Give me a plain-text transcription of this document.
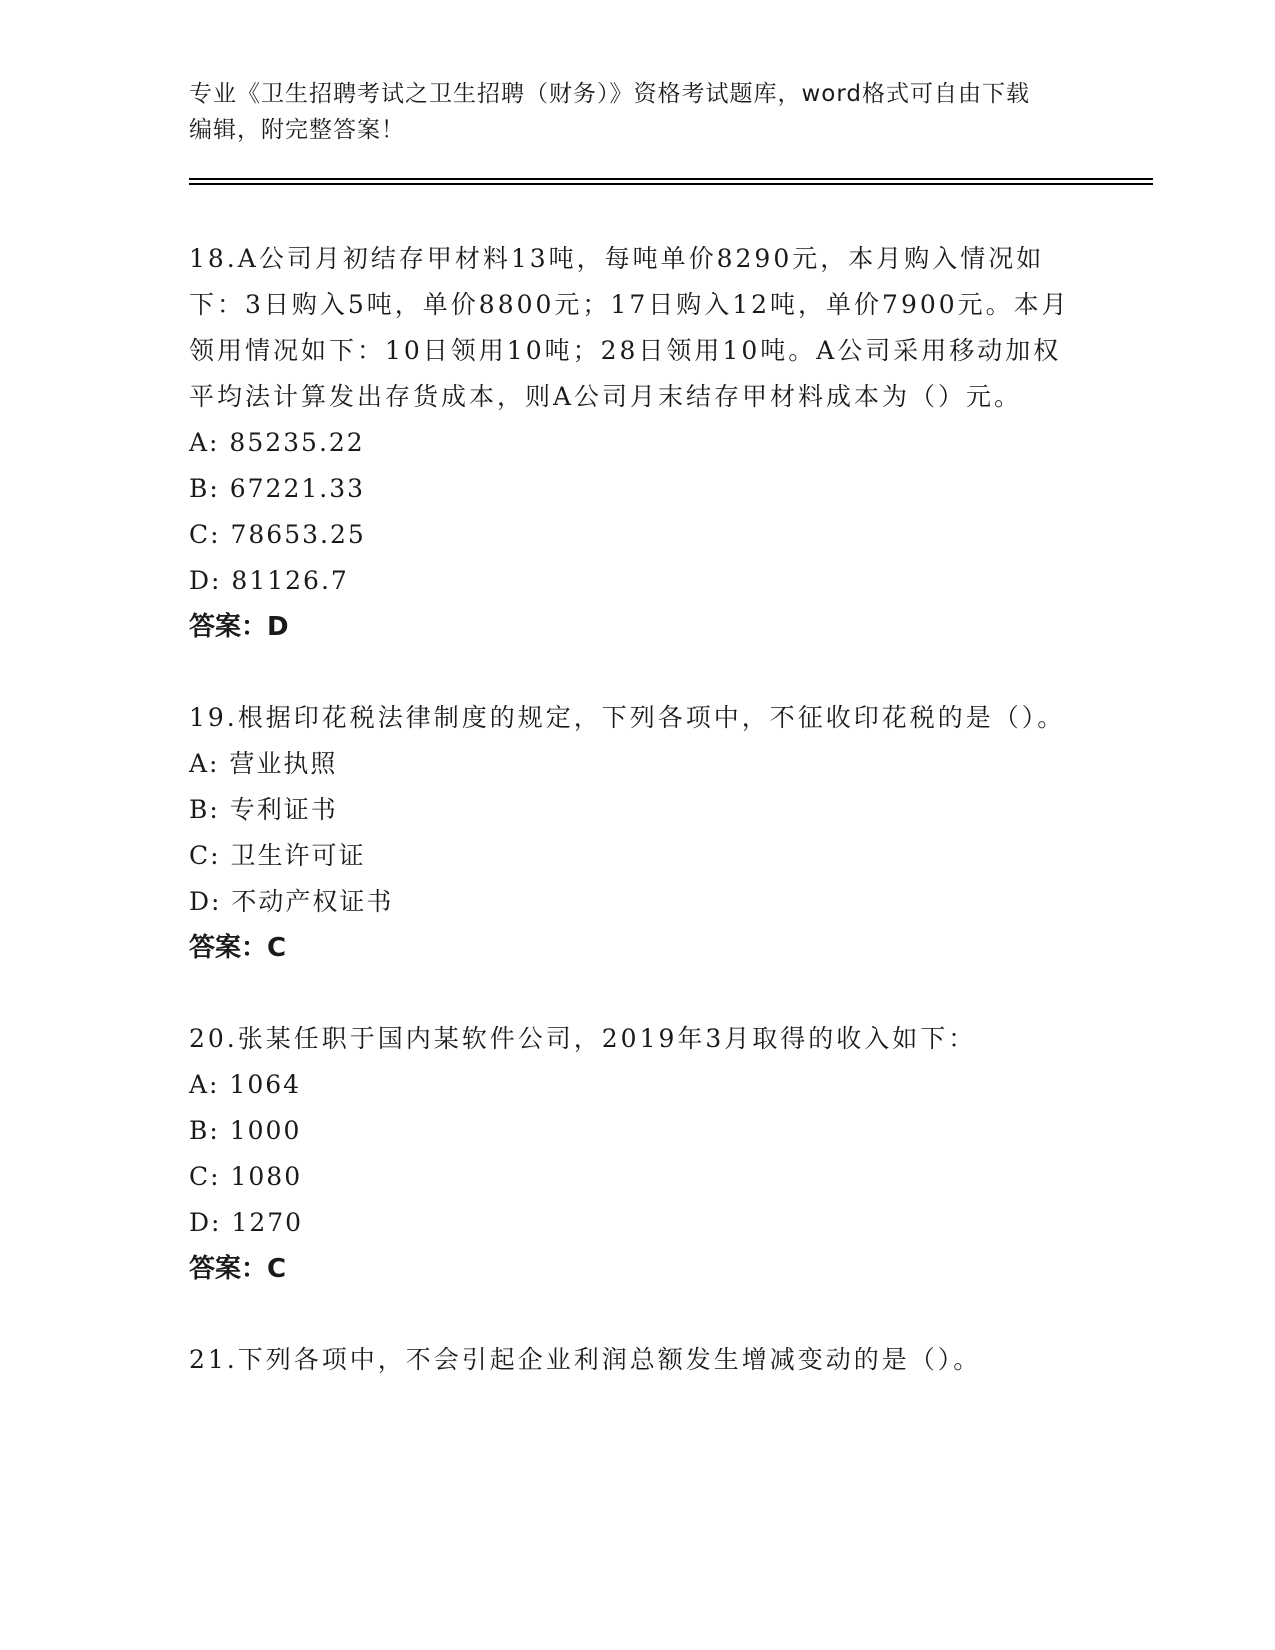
专业《卫生招聘考试之卫生招聘（财务）》资格考试题库，word格式可自由下载
编辑，附完整答案！

18.A公司月初结存甲材料13吨，每吨单价8290元，本月购入情况如下：3日购入5吨，单价8800元；17日购入12吨，单价7900元。本月领用情况如下：10日领用10吨；28日领用10吨。A公司采用移动加权平均法计算发出存货成本，则A公司月末结存甲材料成本为（）元。

A: 85235.22
B: 67221.33
C: 78653.25
D: 81126.7
答案：D

19.根据印花税法律制度的规定，下列各项中，不征收印花税的是（）。

A: 营业执照
B: 专利证书
C: 卫生许可证
D: 不动产权证书
答案：C

20.张某任职于国内某软件公司，2019年3月取得的收入如下：

A: 1064
B: 1000
C: 1080
D: 1270
答案：C

21.下列各项中，不会引起企业利润总额发生增减变动的是（）。
